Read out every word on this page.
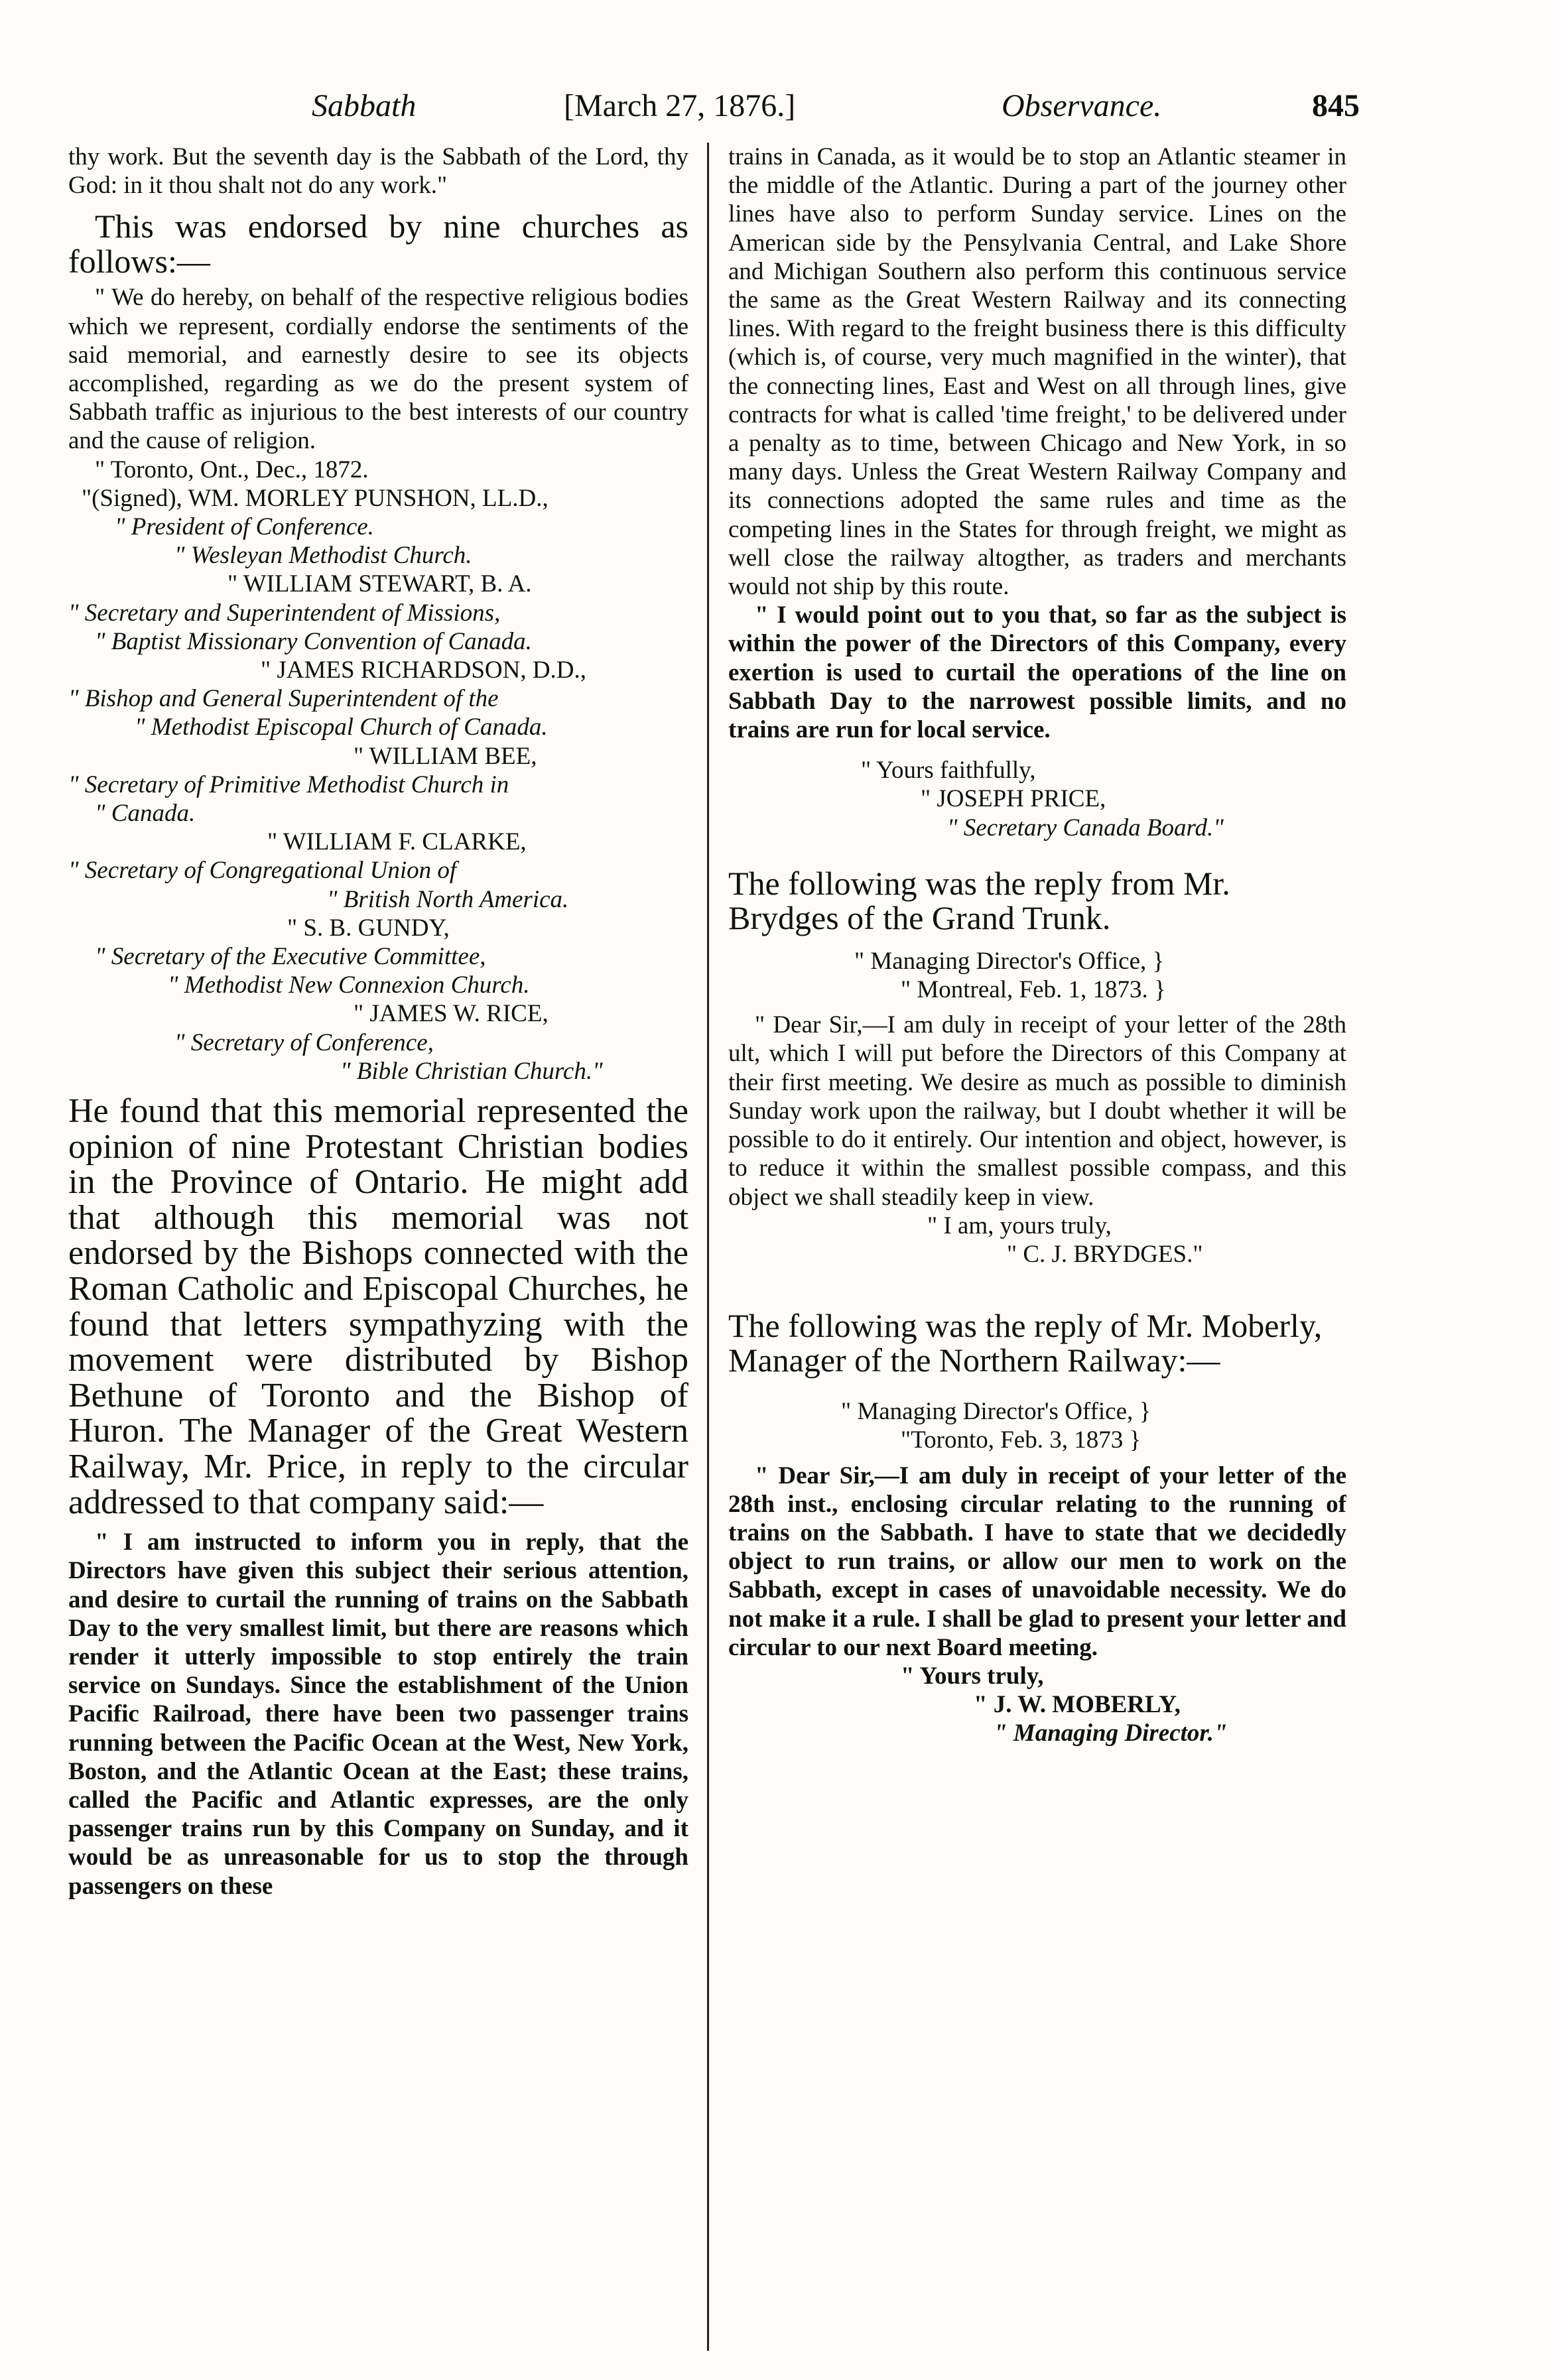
Sabbath	[March 27, 1876.]	Observance.	845

thy work. But the seventh day is the Sabbath of the Lord, thy God: in it thou shalt not do any work."

This was endorsed by nine churches as follows:—

" We do hereby, on behalf of the respective religious bodies which we represent, cordially endorse the sentiments of the said memorial, and earnestly desire to see its objects accomplished, regarding as we do the present system of Sabbath traffic as injurious to the best interests of our country and the cause of religion.

" Toronto, Ont., Dec., 1872.

"(Signed), WM. MORLEY PUNSHON, LL.D.,
" President of Conference.
" Wesleyan Methodist Church.
" WILLIAM STEWART, B. A.
" Secretary and Superintendent of Missions,
" Baptist Missionary Convention of Canada.
" JAMES RICHARDSON, D.D.,
" Bishop and General Superintendent of the
" Methodist Episcopal Church of Canada.
" WILLIAM BEE,
" Secretary of Primitive Methodist Church in
" Canada.
" WILLIAM F. CLARKE,
" Secretary of Congregational Union of
" British North America.
" S. B. GUNDY,
" Secretary of the Executive Committee,
" Methodist New Connexion Church.
" JAMES W. RICE,
" Secretary of Conference,
" Bible Christian Church."

He found that this memorial represented the opinion of nine Protestant Christian bodies in the Province of Ontario. He might add that although this memorial was not endorsed by the Bishops connected with the Roman Catholic and Episcopal Churches, he found that letters sympathyzing with the movement were distributed by Bishop Bethune of Toronto and the Bishop of Huron. The Manager of the Great Western Railway, Mr. Price, in reply to the circular addressed to that company said:—

" I am instructed to inform you in reply, that the Directors have given this subject their serious attention, and desire to curtail the running of trains on the Sabbath Day to the very smallest limit, but there are reasons which render it utterly impossible to stop entirely the train service on Sundays. Since the establishment of the Union Pacific Railroad, there have been two passenger trains running between the Pacific Ocean at the West, New York, Boston, and the Atlantic Ocean at the East; these trains, called the Pacific and Atlantic expresses, are the only passenger trains run by this Company on Sunday, and it would be as unreasonable for us to stop the through passengers on these

trains in Canada, as it would be to stop an Atlantic steamer in the middle of the Atlantic. During a part of the journey other lines have also to perform Sunday service. Lines on the American side by the Pensylvania Central, and Lake Shore and Michigan Southern also perform this continuous service the same as the Great Western Railway and its connecting lines. With regard to the freight business there is this difficulty (which is, of course, very much magnified in the winter), that the connecting lines, East and West on all through lines, give contracts for what is called 'time freight,' to be delivered under a penalty as to time, between Chicago and New York, in so many days. Unless the Great Western Railway Company and its connections adopted the same rules and time as the competing lines in the States for through freight, we might as well close the railway altogther, as traders and merchants would not ship by this route.

" I would point out to you that, so far as the subject is within the power of the Directors of this Company, every exertion is used to curtail the operations of the line on Sabbath Day to the narrowest possible limits, and no trains are run for local service.

" Yours faithfully,
" JOSEPH PRICE,
" Secretary Canada Board."

The following was the reply from Mr. Brydges of the Grand Trunk.

" Managing Director's Office, }
" Montreal, Feb. 1, 1873. }

" Dear Sir,—I am duly in receipt of your letter of the 28th ult, which I will put before the Directors of this Company at their first meeting. We desire as much as possible to diminish Sunday work upon the railway, but I doubt whether it will be possible to do it entirely. Our intention and object, however, is to reduce it within the smallest possible compass, and this object we shall steadily keep in view.

" I am, yours truly,
" C. J. BRYDGES."

The following was the reply of Mr. Moberly, Manager of the Northern Railway:—

" Managing Director's Office, }
"Toronto, Feb. 3, 1873 }

" Dear Sir,—I am duly in receipt of your letter of the 28th inst., enclosing circular relating to the running of trains on the Sabbath. I have to state that we decidedly object to run trains, or allow our men to work on the Sabbath, except in cases of unavoidable necessity. We do not make it a rule. I shall be glad to present your letter and circular to our next Board meeting.

" Yours truly,
" J. W. MOBERLY,
" Managing Director."
